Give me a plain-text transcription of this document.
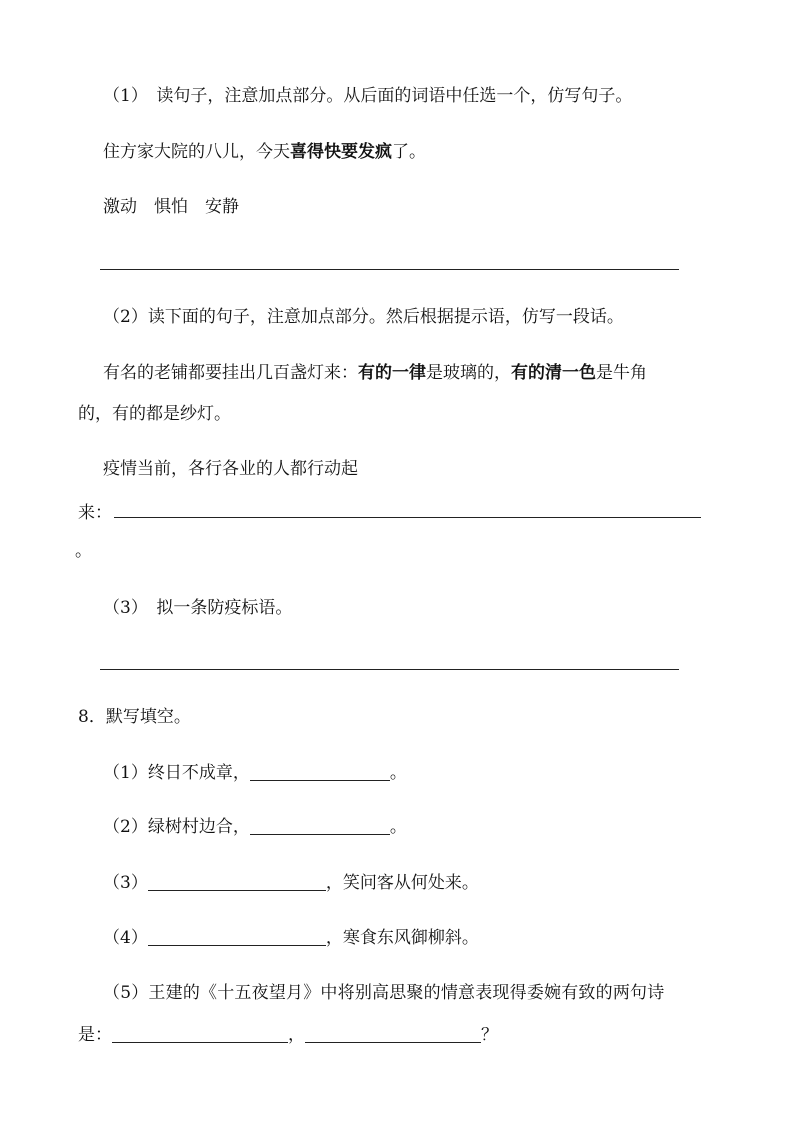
（1）　读句子，注意加点部分。从后面的词语中任选一个，仿写句子。
住方家大院的八儿，今天喜得快要发疯了。
激动　惧怕　安静
（2）读下面的句子，注意加点部分。然后根据提示语，仿写一段话。
有名的老铺都要挂出几百盏灯来：有的一律是玻璃的，有的清一色是牛角
的，有的都是纱灯。
疫情当前，各行各业的人都行动起
来：
。
（3）　拟一条防疫标语。
8．默写填空。
（1）终日不成章，	。
（2）绿树村边合，	。
（3）	，笑问客从何处来。
（4）	，寒食东风御柳斜。
（5）王建的《十五夜望月》中将别高思聚的情意表现得委婉有致的两句诗
是：	，	？
